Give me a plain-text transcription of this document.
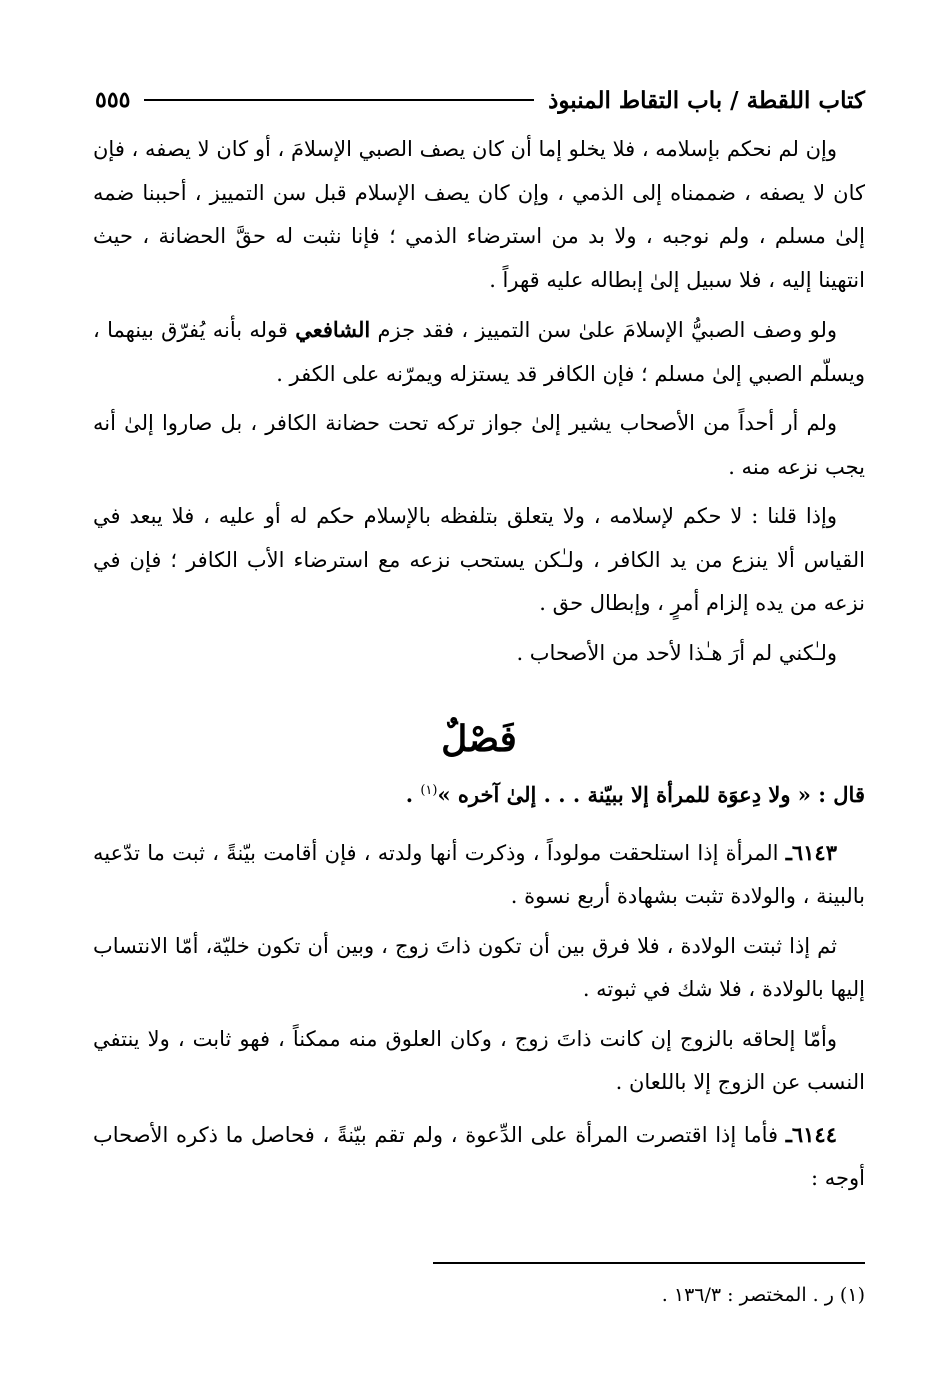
كتاب اللقطة / باب التقاط المنبوذ
٥٥٥

وإن لم نحكم بإسلامه ، فلا يخلو إما أن كان يصف الصبي الإسلامَ ، أو كان لا يصفه ، فإن كان لا يصفه ، ضممناه إلى الذمي ، وإن كان يصف الإسلام قبل سن التمييز ، أحببنا ضمه إلىٰ مسلم ، ولم نوجبه ، ولا بد من استرضاء الذمي ؛ فإنا نثبت له حقَّ الحضانة ، حيث انتهينا إليه ، فلا سبيل إلىٰ إبطاله عليه قهراً .

ولو وصف الصبيُّ الإسلامَ علىٰ سن التمييز ، فقد جزم الشافعي قوله بأنه يُفرّق بينهما ، ويسلّم الصبي إلىٰ مسلم ؛ فإن الكافر قد يستزله ويمرّنه على الكفر .

ولم أر أحداً من الأصحاب يشير إلىٰ جواز تركه تحت حضانة الكافر ، بل صاروا إلىٰ أنه يجب نزعه منه .

وإذا قلنا : لا حكم لإسلامه ، ولا يتعلق بتلفظه بالإسلام حكم له أو عليه ، فلا يبعد في القياس ألا ينزع من يد الكافر ، ولـٰكن يستحب نزعه مع استرضاء الأب الكافر ؛ فإن في نزعه من يده إلزام أمرٍ ، وإبطال حق .

ولـٰكني لم أرَ هـٰذا لأحد من الأصحاب .

فَصْلٌ

قال : « ولا دِعوَة للمرأة إلا ببيّنة . . . إلىٰ آخره »$^{(١)}$ .

٦١٤٣ـ المرأة إذا استلحقت مولوداً ، وذكرت أنها ولدته ، فإن أقامت بيّنةً ، ثبت ما تدّعيه بالبينة ، والولادة تثبت بشهادة أربع نسوة .

ثم إذا ثبتت الولادة ، فلا فرق بين أن تكون ذاتَ زوج ، وبين أن تكون خليّة، أمّا الانتساب إليها بالولادة ، فلا شك في ثبوته .

وأمّا إلحاقه بالزوج إن كانت ذاتَ زوج ، وكان العلوق منه ممكناً ، فهو ثابت ، ولا ينتفي النسب عن الزوج إلا باللعان .

٦١٤٤ـ فأما إذا اقتصرت المرأة على الدِّعوة ، ولم تقم بيّنةً ، فحاصل ما ذكره الأصحاب أوجه :

(١) ر . المختصر : ١٣٦/٣ .
